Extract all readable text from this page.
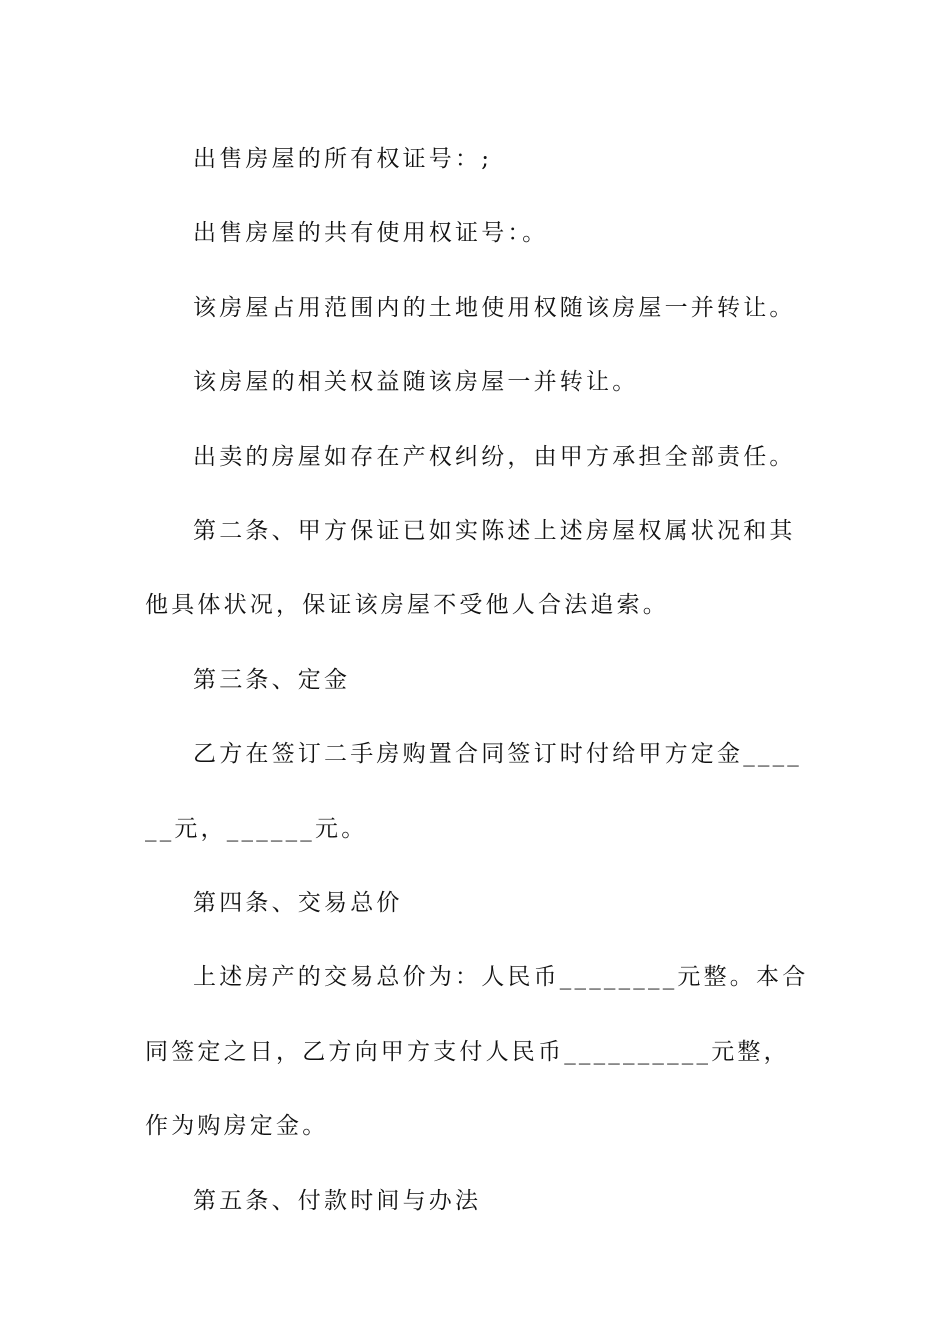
出售房屋的所有权证号：;

出售房屋的共有使用权证号：。

该房屋占用范围内的土地使用权随该房屋一并转让。

该房屋的相关权益随该房屋一并转让。

出卖的房屋如存在产权纠纷，由甲方承担全部责任。

第二条、甲方保证已如实陈述上述房屋权属状况和其他具体状况，保证该房屋不受他人合法追索。

第三条、定金

乙方在签订二手房购置合同签订时付给甲方定金______元，______元。

第四条、交易总价

上述房产的交易总价为：人民币________元整。本合同签定之日，乙方向甲方支付人民币__________元整，作为购房定金。

第五条、付款时间与办法
